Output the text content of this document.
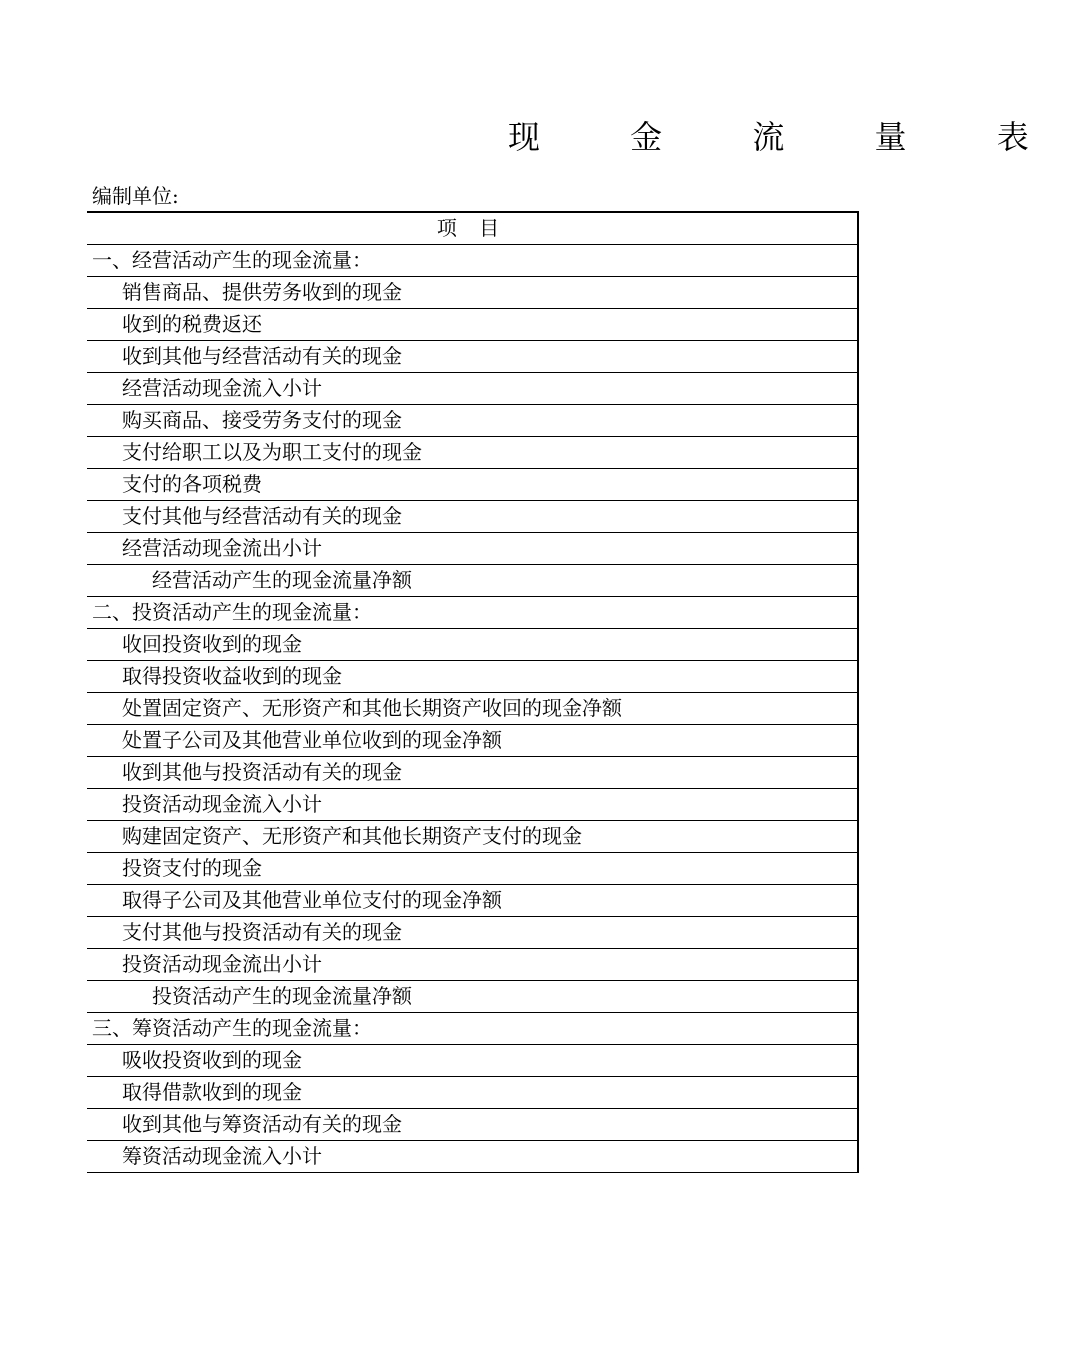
现 金 流 量 表
编制单位:
项 目
一、经营活动产生的现金流量：
销售商品、提供劳务收到的现金
收到的税费返还
收到其他与经营活动有关的现金
经营活动现金流入小计
购买商品、接受劳务支付的现金
支付给职工以及为职工支付的现金
支付的各项税费
支付其他与经营活动有关的现金
经营活动现金流出小计
经营活动产生的现金流量净额
二、投资活动产生的现金流量：
收回投资收到的现金
取得投资收益收到的现金
处置固定资产、无形资产和其他长期资产收回的现金净额
处置子公司及其他营业单位收到的现金净额
收到其他与投资活动有关的现金
投资活动现金流入小计
购建固定资产、无形资产和其他长期资产支付的现金
投资支付的现金
取得子公司及其他营业单位支付的现金净额
支付其他与投资活动有关的现金
投资活动现金流出小计
投资活动产生的现金流量净额
三、筹资活动产生的现金流量：
吸收投资收到的现金
取得借款收到的现金
收到其他与筹资活动有关的现金
筹资活动现金流入小计
